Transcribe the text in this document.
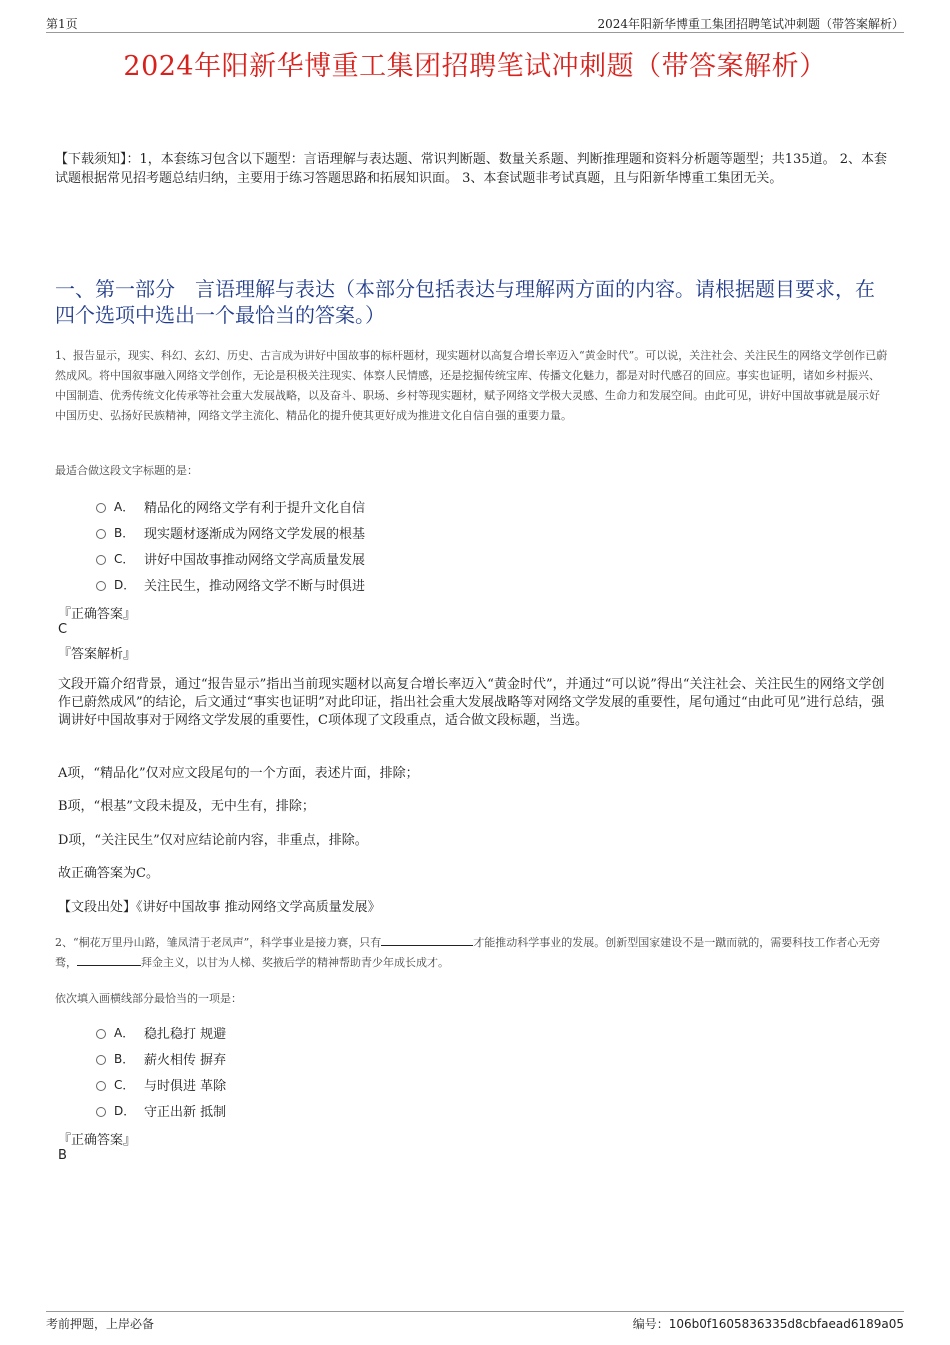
第1页	2024年阳新华博重工集团招聘笔试冲刺题（带答案解析）
2024年阳新华博重工集团招聘笔试冲刺题（带答案解析）
【下载须知】：1，本套练习包含以下题型：言语理解与表达题、常识判断题、数量关系题、判断推理题和资料分析题等题型；共135道。 2、本套试题根据常见招考题总结归纳，主要用于练习答题思路和拓展知识面。 3、本套试题非考试真题，且与阳新华博重工集团无关。
一、第一部分　言语理解与表达（本部分包括表达与理解两方面的内容。请根据题目要求，在四个选项中选出一个最恰当的答案。）
1、报告显示，现实、科幻、玄幻、历史、古言成为讲好中国故事的标杆题材，现实题材以高复合增长率迈入“黄金时代”。可以说，关注社会、关注民生的网络文学创作已蔚然成风。将中国叙事融入网络文学创作，无论是积极关注现实、体察人民情感，还是挖掘传统宝库、传播文化魅力，都是对时代感召的回应。事实也证明，诸如乡村振兴、中国制造、优秀传统文化传承等社会重大发展战略，以及奋斗、职场、乡村等现实题材，赋予网络文学极大灵感、生命力和发展空间。由此可见，讲好中国故事就是展示好中国历史、弘扬好民族精神，网络文学主流化、精品化的提升使其更好成为推进文化自信自强的重要力量。
最适合做这段文字标题的是：
A． 精品化的网络文学有利于提升文化自信
B． 现实题材逐渐成为网络文学发展的根基
C． 讲好中国故事推动网络文学高质量发展
D． 关注民生，推动网络文学不断与时俱进
『正确答案』
C
『答案解析』
文段开篇介绍背景，通过“报告显示”指出当前现实题材以高复合增长率迈入“黄金时代”，并通过“可以说”得出“关注社会、关注民生的网络文学创作已蔚然成风”的结论，后文通过“事实也证明”对此印证，指出社会重大发展战略等对网络文学发展的重要性，尾句通过“由此可见”进行总结，强调讲好中国故事对于网络文学发展的重要性，C项体现了文段重点，适合做文段标题，当选。
A项，“精品化”仅对应文段尾句的一个方面，表述片面，排除；
B项，“根基”文段未提及，无中生有，排除；
D项，“关注民生”仅对应结论前内容，非重点，排除。
故正确答案为C。
【文段出处】《讲好中国故事 推动网络文学高质量发展》
2、“桐花万里丹山路，雏凤清于老凤声”，科学事业是接力赛，只有	才能推动科学事业的发展。创新型国家建设不是一蹴而就的，需要科技工作者心无旁骛，	拜金主义，以甘为人梯、奖掖后学的精神帮助青少年成长成才。
依次填入画横线部分最恰当的一项是：
A． 稳扎稳打 规避
B． 薪火相传 摒弃
C． 与时俱进 革除
D． 守正出新 抵制
『正确答案』
B
考前押题，上岸必备	编号：106b0f1605836335d8cbfaead6189a05
